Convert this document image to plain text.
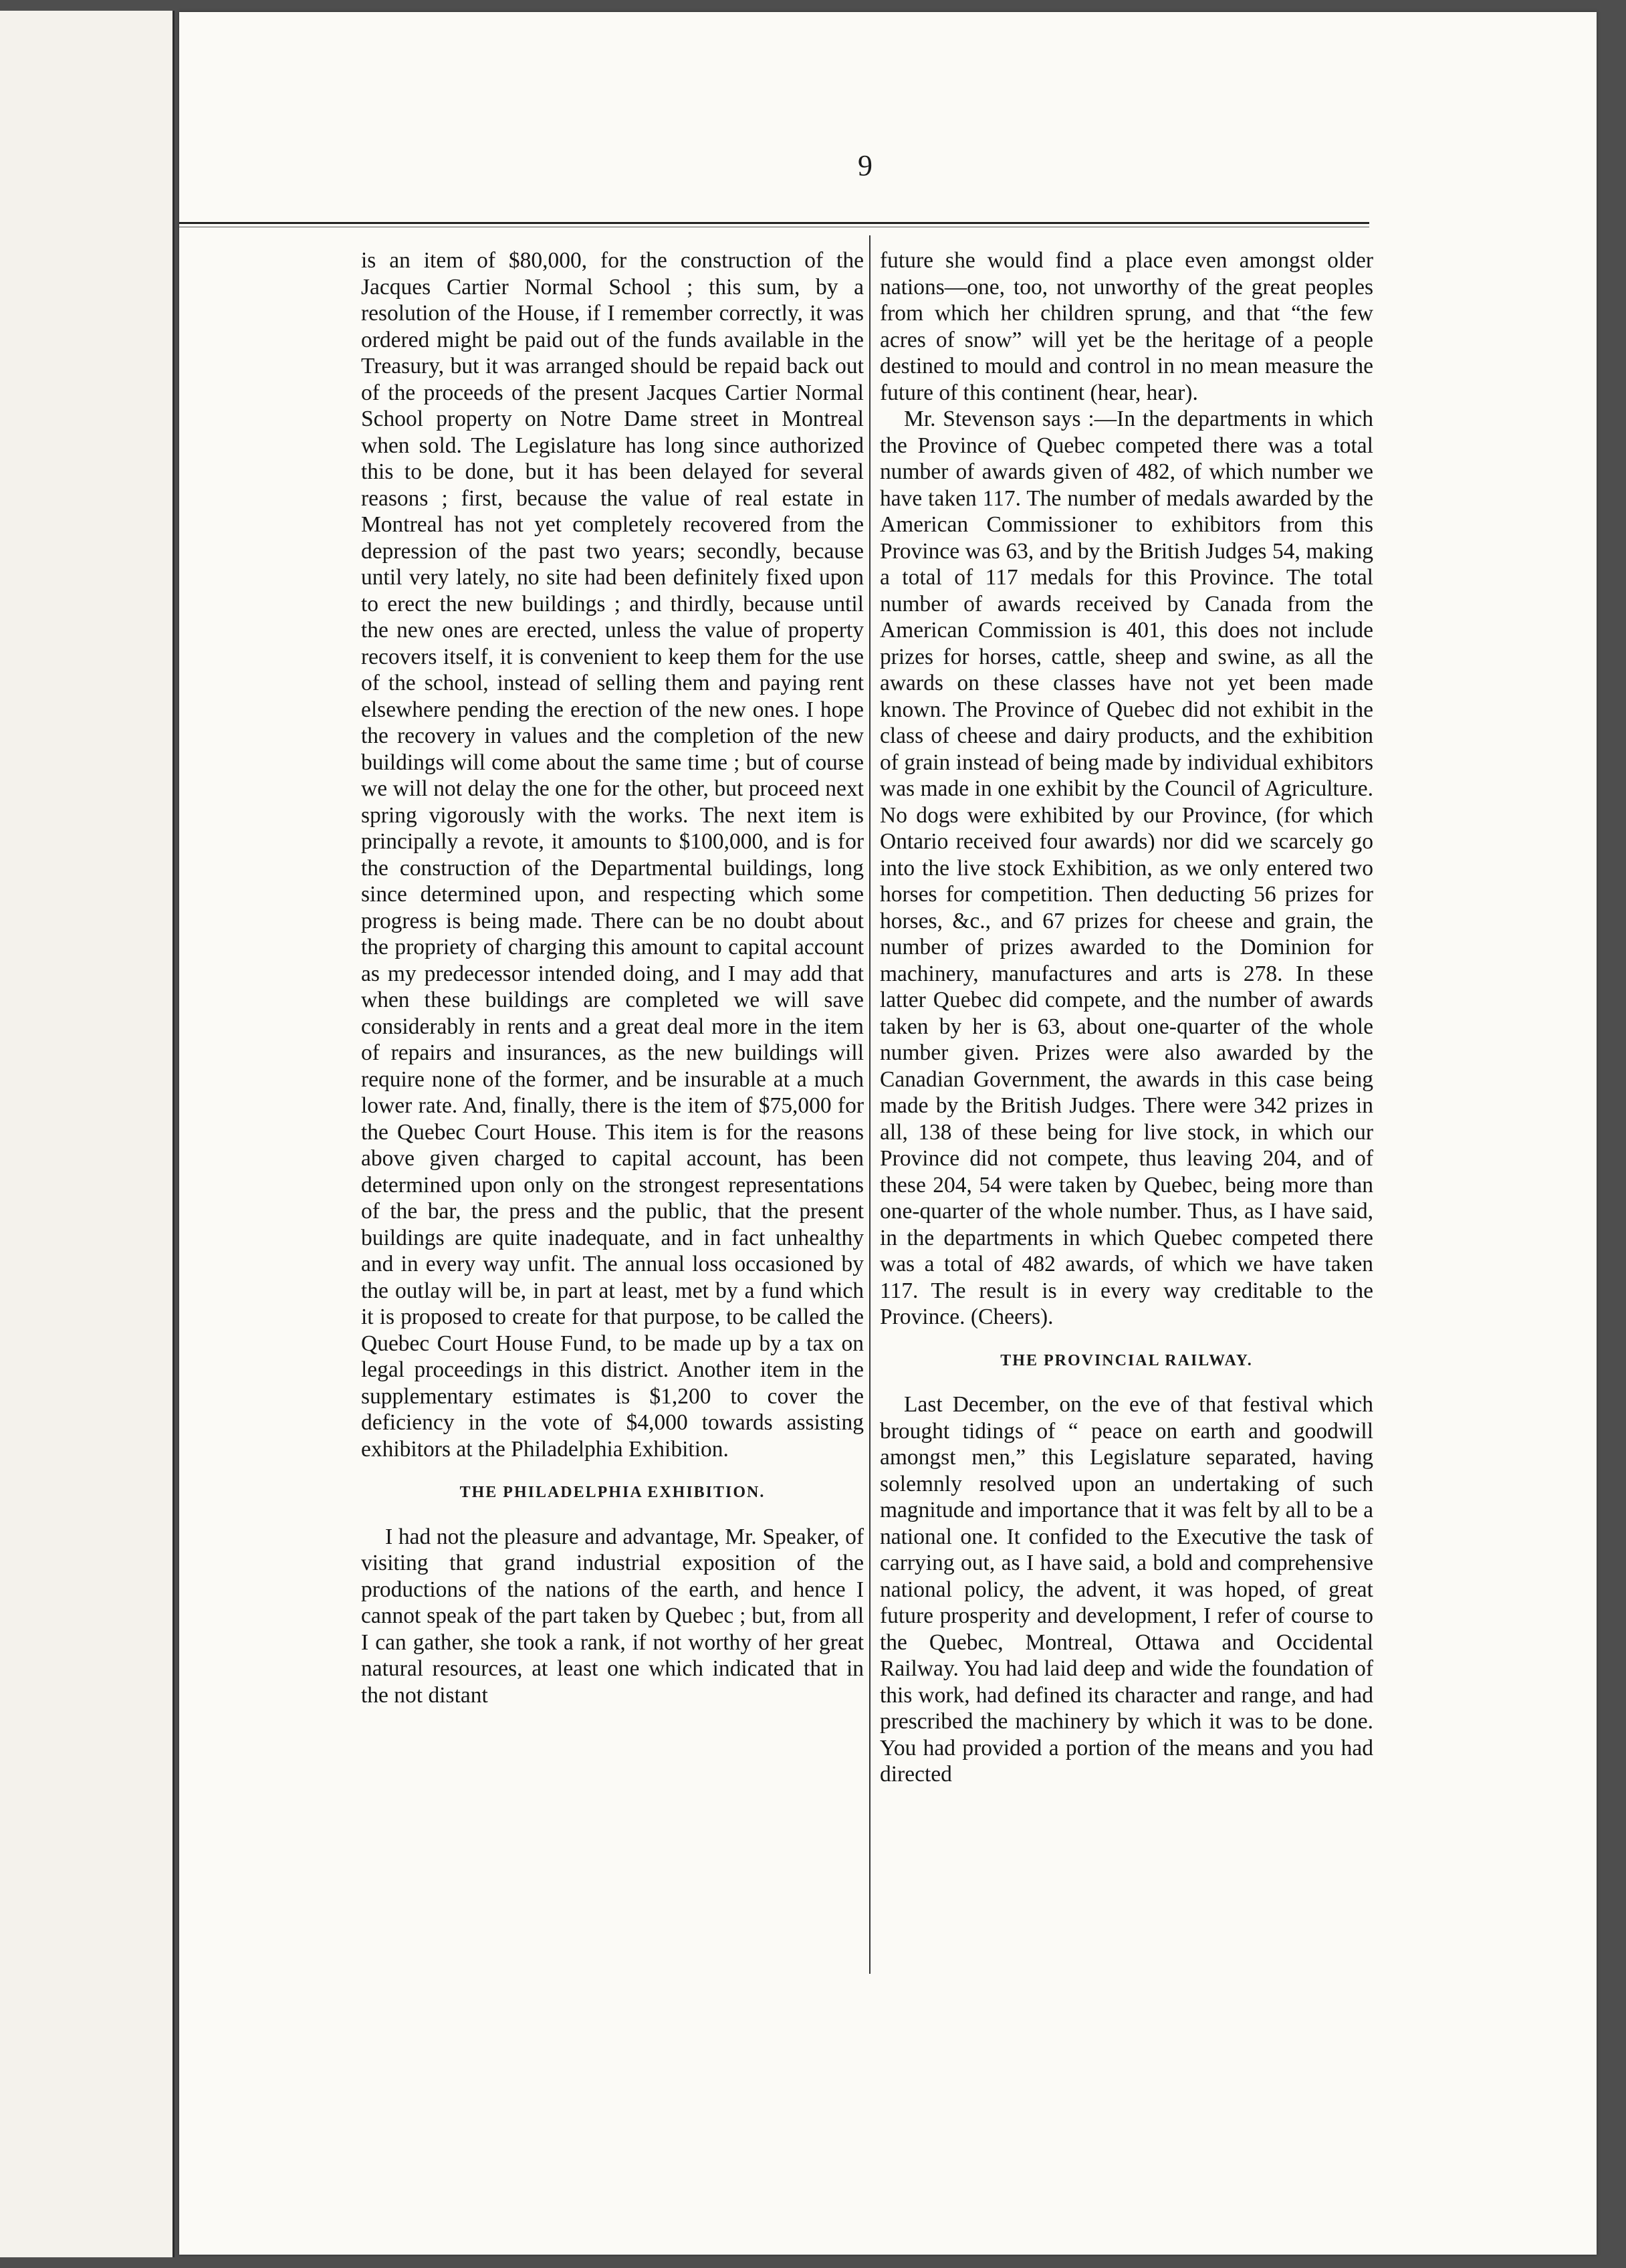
9

is an item of $80,000, for the construction of the Jacques Cartier Normal School ; this sum, by a resolution of the House, if I remember correctly, it was ordered might be paid out of the funds available in the Treasury, but it was arranged should be repaid back out of the proceeds of the present Jacques Cartier Normal School property on Notre Dame street in Montreal when sold. The Legislature has long since authorized this to be done, but it has been delayed for several reasons ; first, because the value of real estate in Montreal has not yet completely recovered from the depression of the past two years; secondly, because until very lately, no site had been definitely fixed upon to erect the new buildings ; and thirdly, because until the new ones are erected, unless the value of property recovers itself, it is convenient to keep them for the use of the school, instead of selling them and paying rent elsewhere pending the erection of the new ones. I hope the recovery in values and the completion of the new buildings will come about the same time ; but of course we will not delay the one for the other, but proceed next spring vigorously with the works. The next item is principally a revote, it amounts to $100,000, and is for the construction of the Departmental buildings, long since determined upon, and respecting which some progress is being made. There can be no doubt about the propriety of charging this amount to capital account as my predecessor intended doing, and I may add that when these buildings are completed we will save considerably in rents and a great deal more in the item of repairs and insurances, as the new buildings will require none of the former, and be insurable at a much lower rate. And, finally, there is the item of $75,000 for the Quebec Court House. This item is for the reasons above given charged to capital account, has been determined upon only on the strongest representations of the bar, the press and the public, that the present buildings are quite inadequate, and in fact unhealthy and in every way unfit. The annual loss occasioned by the outlay will be, in part at least, met by a fund which it is proposed to create for that purpose, to be called the Quebec Court House Fund, to be made up by a tax on legal proceedings in this district. Another item in the supplementary estimates is $1,200 to cover the deficiency in the vote of $4,000 towards assisting exhibitors at the Philadelphia Exhibition.

THE PHILADELPHIA EXHIBITION.

I had not the pleasure and advantage, Mr. Speaker, of visiting that grand industrial exposition of the productions of the nations of the earth, and hence I cannot speak of the part taken by Quebec ; but, from all I can gather, she took a rank, if not worthy of her great natural resources, at least one which indicated that in the not distant

future she would find a place even amongst older nations—one, too, not unworthy of the great peoples from which her children sprung, and that “the few acres of snow” will yet be the heritage of a people destined to mould and control in no mean measure the future of this continent (hear, hear).

Mr. Stevenson says :—In the departments in which the Province of Quebec competed there was a total number of awards given of 482, of which number we have taken 117. The number of medals awarded by the American Commissioner to exhibitors from this Province was 63, and by the British Judges 54, making a total of 117 medals for this Province. The total number of awards received by Canada from the American Commission is 401, this does not include prizes for horses, cattle, sheep and swine, as all the awards on these classes have not yet been made known. The Province of Quebec did not exhibit in the class of cheese and dairy products, and the exhibition of grain instead of being made by individual exhibitors was made in one exhibit by the Council of Agriculture. No dogs were exhibited by our Province, (for which Ontario received four awards) nor did we scarcely go into the live stock Exhibition, as we only entered two horses for competition. Then deducting 56 prizes for horses, &c., and 67 prizes for cheese and grain, the number of prizes awarded to the Dominion for machinery, manufactures and arts is 278. In these latter Quebec did compete, and the number of awards taken by her is 63, about one-quarter of the whole number given. Prizes were also awarded by the Canadian Government, the awards in this case being made by the British Judges. There were 342 prizes in all, 138 of these being for live stock, in which our Province did not compete, thus leaving 204, and of these 204, 54 were taken by Quebec, being more than one-quarter of the whole number. Thus, as I have said, in the departments in which Quebec competed there was a total of 482 awards, of which we have taken 117. The result is in every way creditable to the Province. (Cheers).

THE PROVINCIAL RAILWAY.

Last December, on the eve of that festival which brought tidings of “ peace on earth and goodwill amongst men,” this Legislature separated, having solemnly resolved upon an undertaking of such magnitude and importance that it was felt by all to be a national one. It confided to the Executive the task of carrying out, as I have said, a bold and comprehensive national policy, the advent, it was hoped, of great future prosperity and development, I refer of course to the Quebec, Montreal, Ottawa and Occidental Railway. You had laid deep and wide the foundation of this work, had defined its character and range, and had prescribed the machinery by which it was to be done. You had provided a portion of the means and you had directed
